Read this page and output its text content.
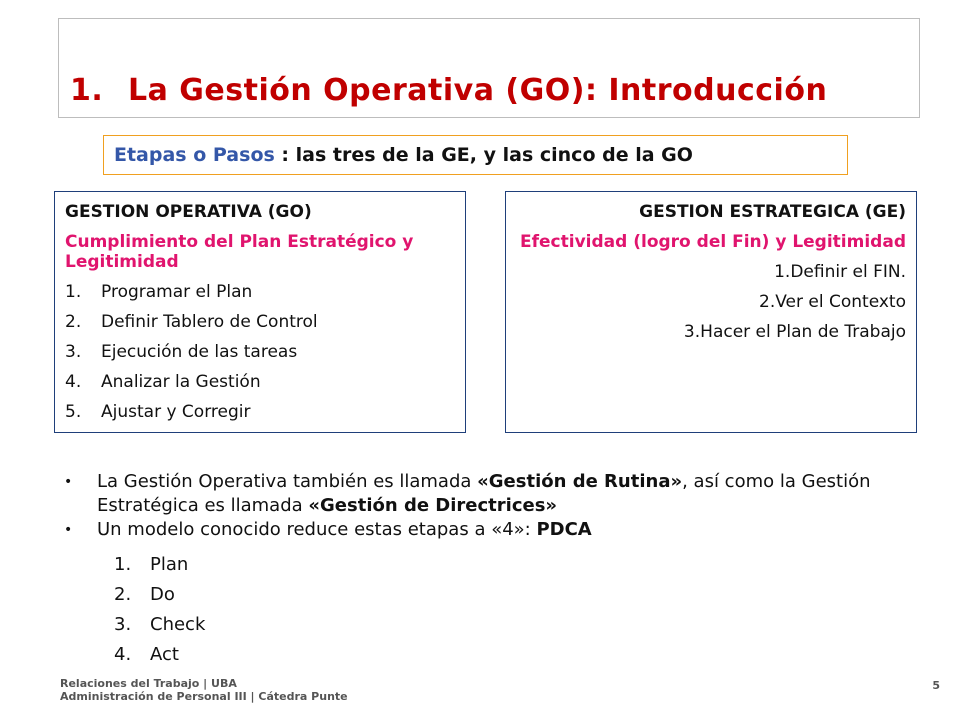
1. La Gestión Operativa (GO): Introducción
Etapas o Pasos : las tres de la GE, y las cinco de la GO
GESTION OPERATIVA (GO)
Cumplimiento del Plan Estratégico y Legitimidad
1. Programar el Plan
2. Definir Tablero de Control
3. Ejecución de las tareas
4. Analizar la Gestión
5. Ajustar y Corregir
GESTION ESTRATEGICA (GE)
Efectividad (logro del Fin) y Legitimidad
1.Definir el FIN.
2.Ver el Contexto
3.Hacer el Plan de Trabajo
• La Gestión Operativa también es llamada «Gestión de Rutina», así como la Gestión Estratégica es llamada «Gestión de Directrices»
• Un modelo conocido reduce estas etapas a «4»: PDCA
1. Plan
2. Do
3. Check
4. Act
Relaciones del Trabajo | UBA
Administración de Personal III | Cátedra Punte
5
